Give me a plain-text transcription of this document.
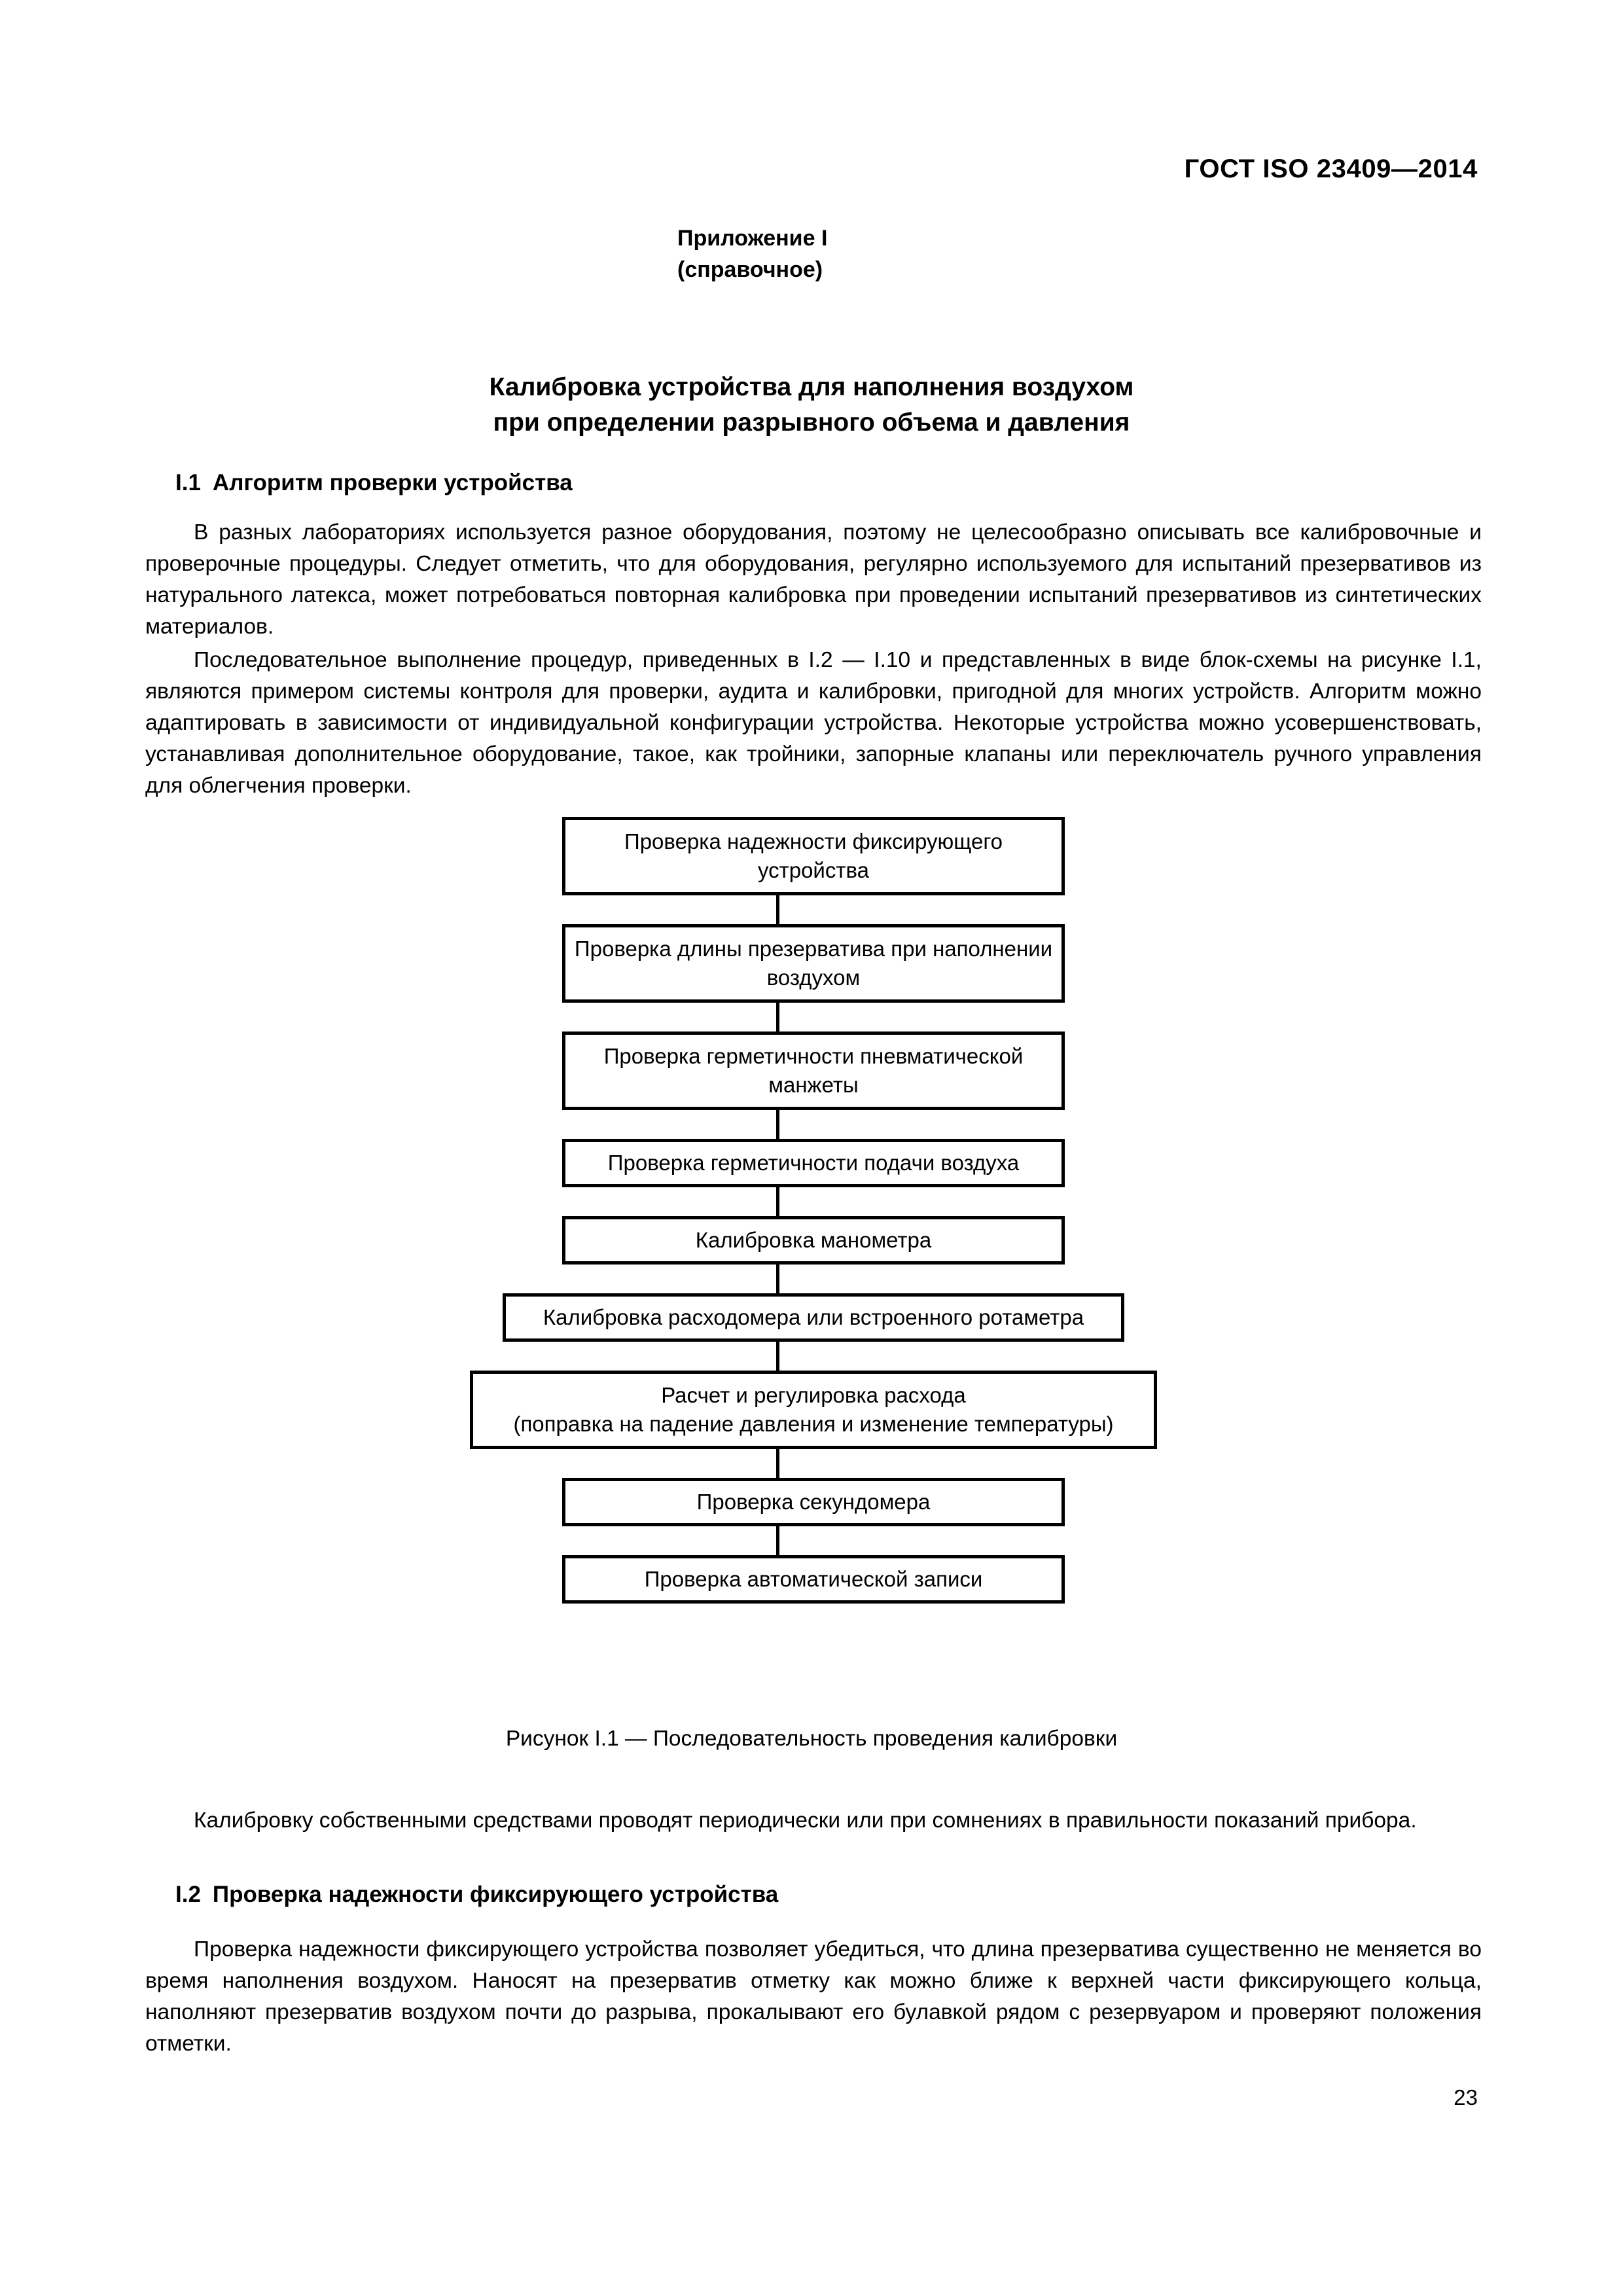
ГОСТ ISO 23409—2014
Приложение I
(справочное)
Калибровка устройства для наполнения воздухом
при определении разрывного объема и давления
I.1 Алгоритм проверки устройства
В разных лабораториях используется разное оборудования, поэтому не целесообразно описывать все калибровочные и проверочные процедуры. Следует отметить, что для оборудования, регулярно используемого для испытаний презервативов из натурального латекса, может потребоваться повторная калибровка при проведении испытаний презервативов из синтетических материалов.
Последовательное выполнение процедур, приведенных в I.2 — I.10 и представленных в виде блок-схемы на рисунке I.1, являются примером системы контроля для проверки, аудита и калибровки, пригодной для многих устройств. Алгоритм можно адаптировать в зависимости от индивидуальной конфигурации устройства. Некоторые устройства можно усовершенствовать, устанавливая дополнительное оборудование, такое, как тройники, запорные клапаны или переключатель ручного управления для облегчения проверки.
Проверка надежности фиксирующего
устройства
Проверка длины презерватива при наполнении
воздухом
Проверка герметичности пневматической
манжеты
Проверка герметичности подачи воздуха
Калибровка манометра
Калибровка расходомера или встроенного ротаметра
Расчет и регулировка расхода
(поправка на падение давления и изменение температуры)
Проверка секундомера
Проверка автоматической записи
Рисунок I.1 — Последовательность проведения калибровки
Калибровку собственными средствами проводят периодически или при сомнениях в правильности показаний прибора.
I.2 Проверка надежности фиксирующего устройства
Проверка надежности фиксирующего устройства позволяет убедиться, что длина презерватива существенно не меняется во время наполнения воздухом. Наносят на презерватив отметку как можно ближе к верхней части фиксирующего кольца, наполняют презерватив воздухом почти до разрыва, прокалывают его булавкой рядом с резервуаром и проверяют положения отметки.
23
